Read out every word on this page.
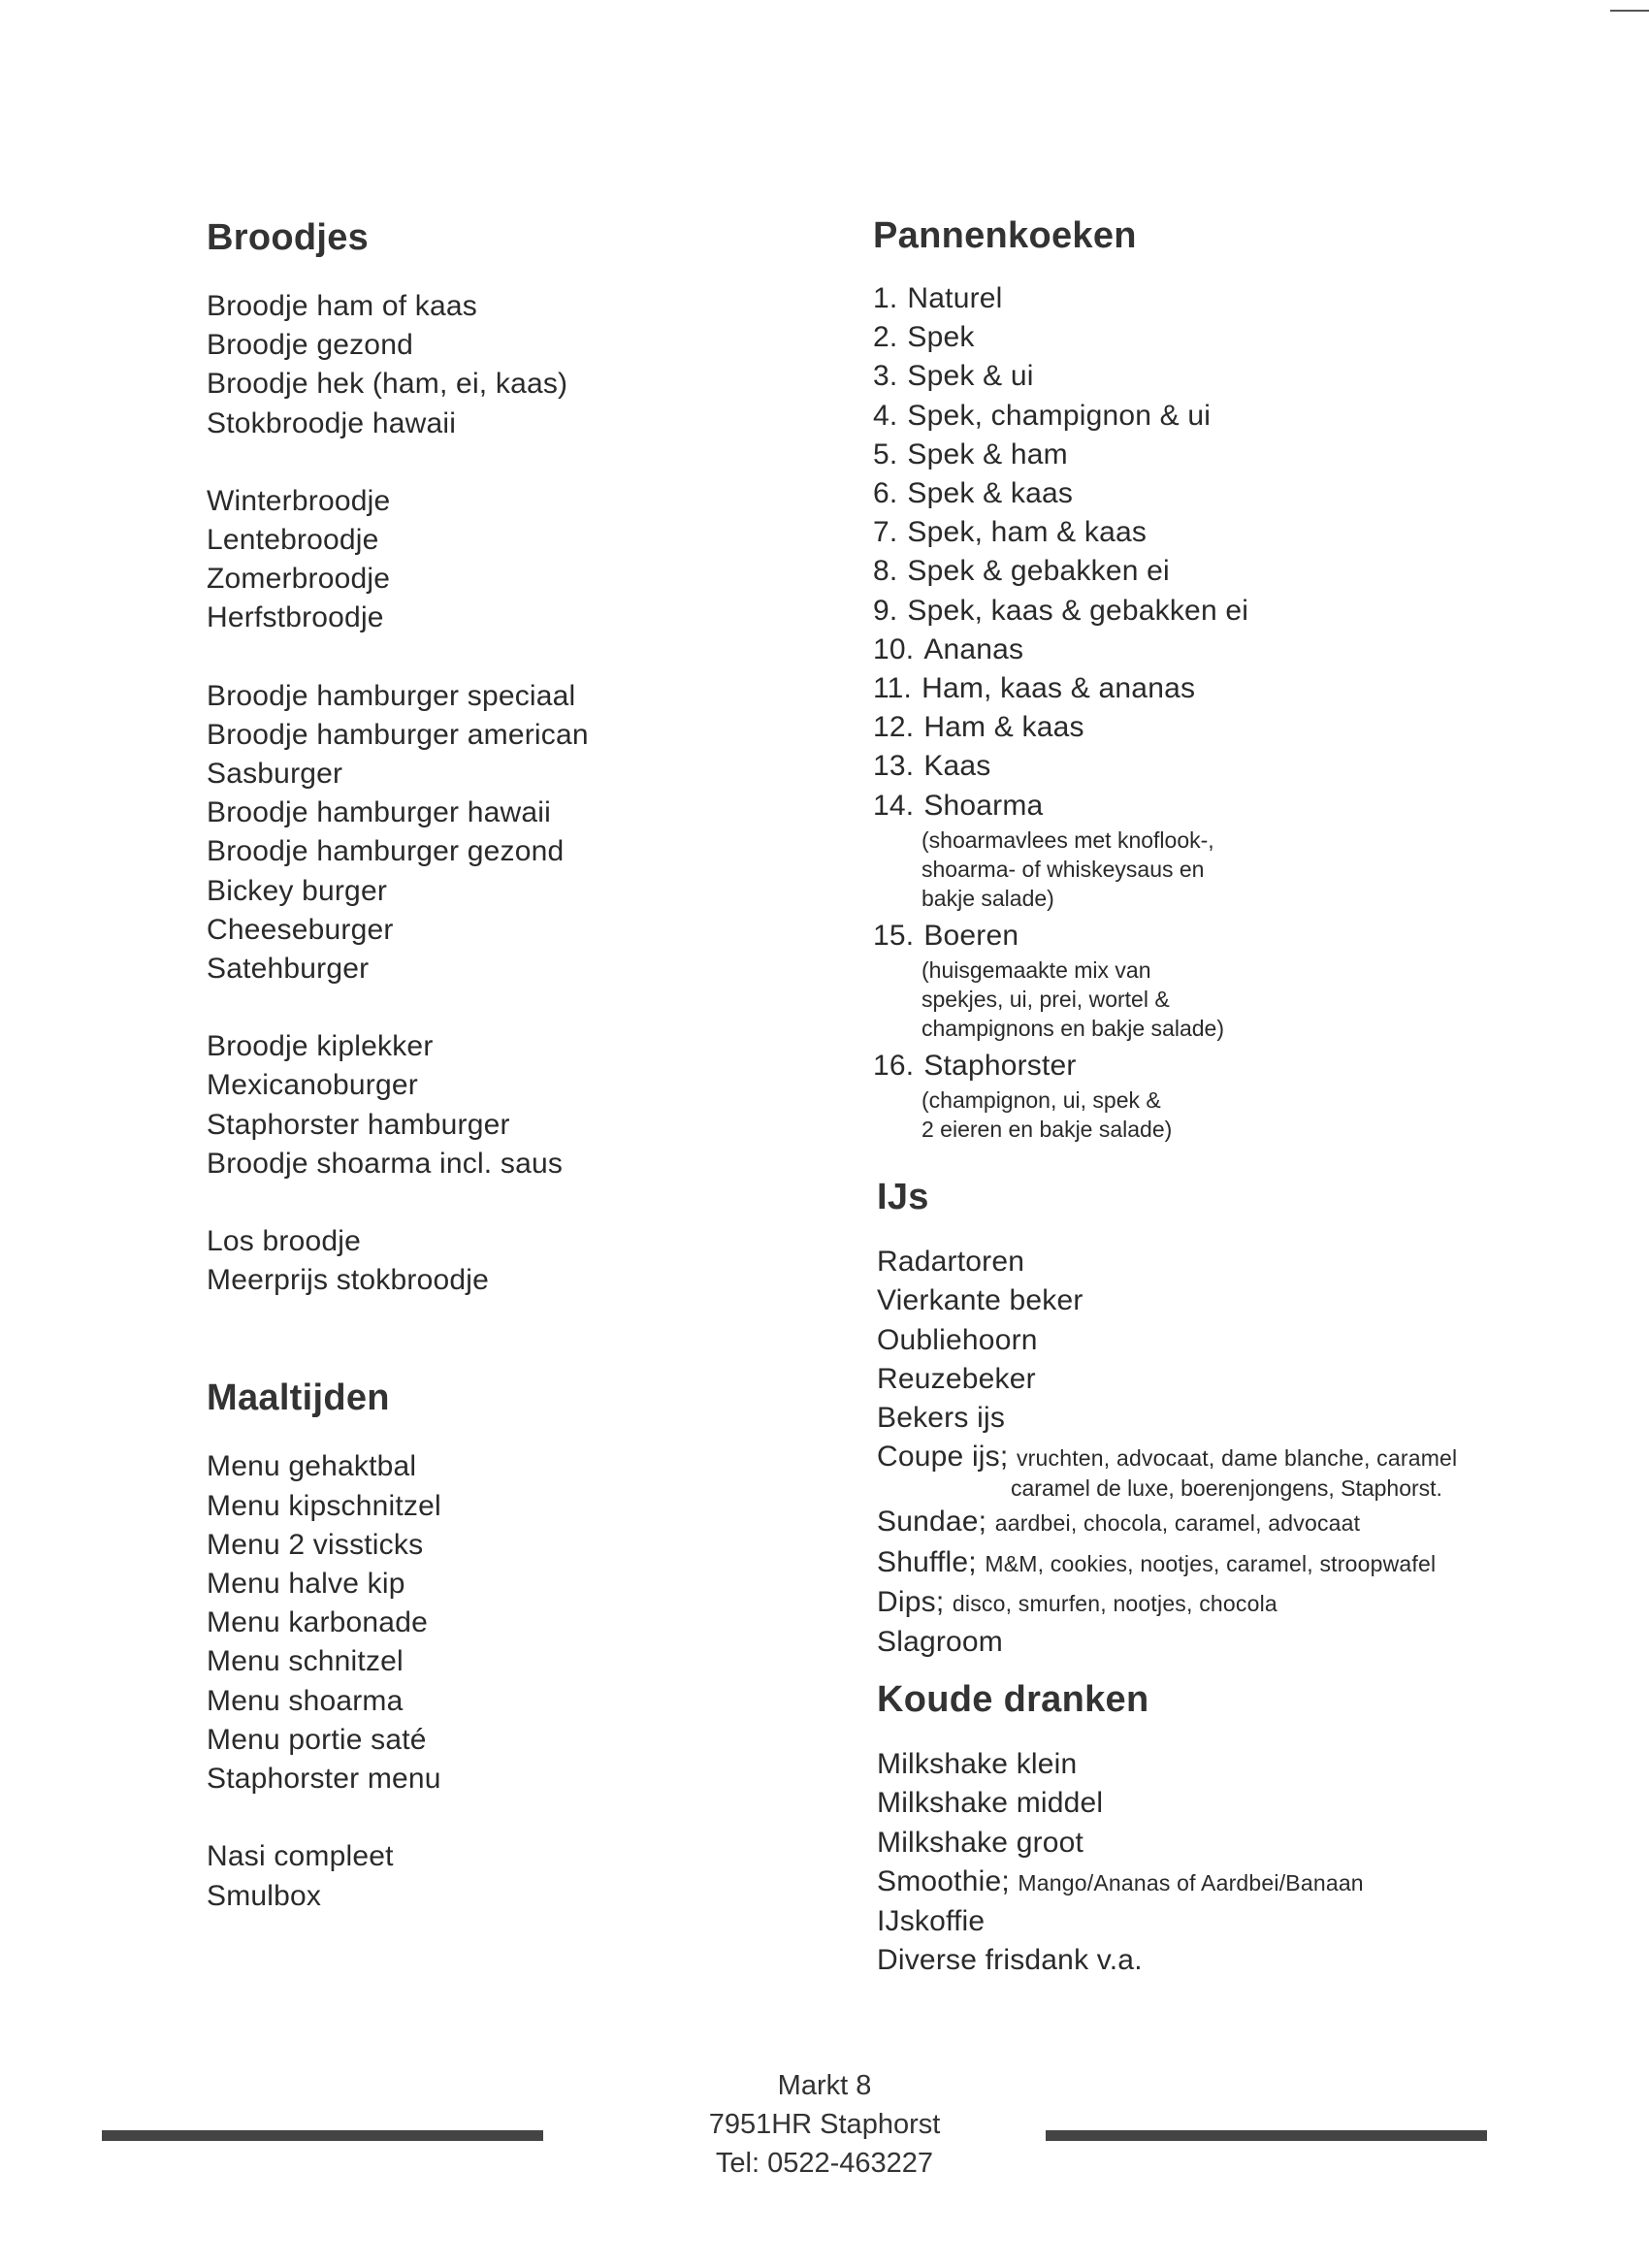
Broodjes
Broodje ham of kaas
Broodje gezond
Broodje hek (ham, ei, kaas)
Stokbroodje hawaii
Winterbroodje
Lentebroodje
Zomerbroodje
Herfstbroodje
Broodje hamburger speciaal
Broodje hamburger american
Sasburger
Broodje hamburger hawaii
Broodje hamburger gezond
Bickey burger
Cheeseburger
Satehburger
Broodje kiplekker
Mexicanoburger
Staphorster hamburger
Broodje shoarma incl. saus
Los broodje
Meerprijs stokbroodje
Maaltijden
Menu gehaktbal
Menu kipschnitzel
Menu 2 vissticks
Menu halve kip
Menu karbonade
Menu schnitzel
Menu shoarma
Menu portie saté
Staphorster menu
Nasi compleet
Smulbox
Pannenkoeken
1. Naturel
2. Spek
3. Spek & ui
4. Spek, champignon & ui
5. Spek & ham
6. Spek & kaas
7. Spek, ham & kaas
8. Spek & gebakken ei
9. Spek, kaas & gebakken ei
10. Ananas
11. Ham, kaas & ananas
12. Ham & kaas
13. Kaas
14. Shoarma
(shoarmavlees met knoflook-,
shoarma- of whiskeysaus en
bakje salade)
15. Boeren
(huisgemaakte mix van
spekjes, ui, prei, wortel &
champignons en bakje salade)
16. Staphorster
(champignon, ui, spek &
2 eieren en bakje salade)
IJs
Radartoren
Vierkante beker
Oubliehoorn
Reuzebeker
Bekers ijs
Coupe ijs; vruchten, advocaat, dame blanche, caramel
caramel de luxe, boerenjongens, Staphorst.
Sundae; aardbei, chocola, caramel, advocaat
Shuffle; M&M, cookies, nootjes, caramel, stroopwafel
Dips; disco, smurfen, nootjes, chocola
Slagroom
Koude dranken
Milkshake klein
Milkshake middel
Milkshake groot
Smoothie; Mango/Ananas of Aardbei/Banaan
IJskoffie
Diverse frisdank v.a.
Markt 8
7951HR Staphorst
Tel: 0522-463227
